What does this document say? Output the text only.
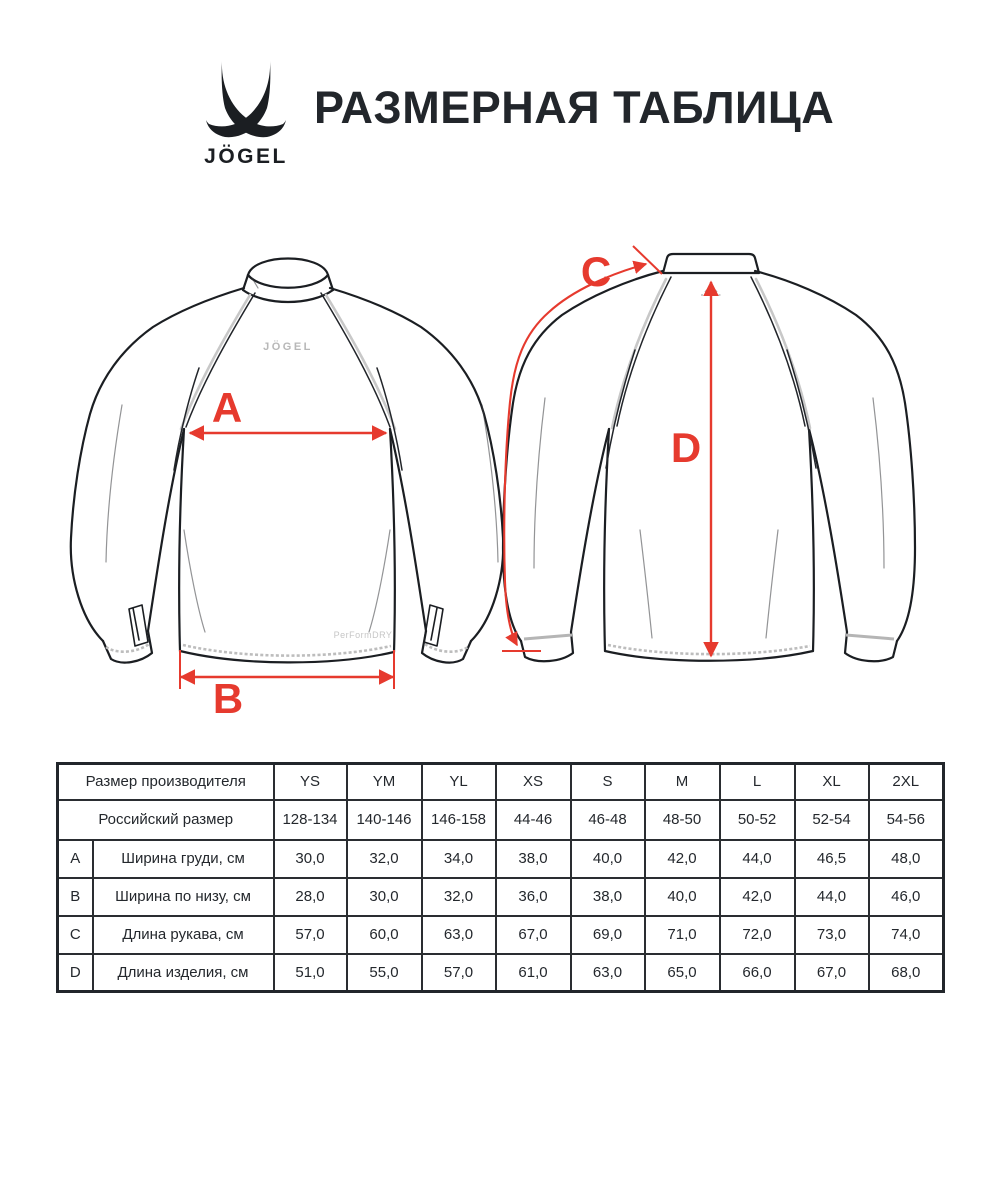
JÖGEL
РАЗМЕРНАЯ ТАБЛИЦА
JÖGEL
PerFormDRY
A
B
C
D
Размер производителя		YS	YM	YL	XS	S	M	L	XL	2XL
Российский размер		128-134	140-146	146-158	44-46	46-48	48-50	50-52	52-54	54-56
A	Ширина груди, см	30,0	32,0	34,0	38,0	40,0	42,0	44,0	46,5	48,0
B	Ширина по низу, см	28,0	30,0	32,0	36,0	38,0	40,0	42,0	44,0	46,0
C	Длина рукава, см	57,0	60,0	63,0	67,0	69,0	71,0	72,0	73,0	74,0
D	Длина изделия, см	51,0	55,0	57,0	61,0	63,0	65,0	66,0	67,0	68,0
